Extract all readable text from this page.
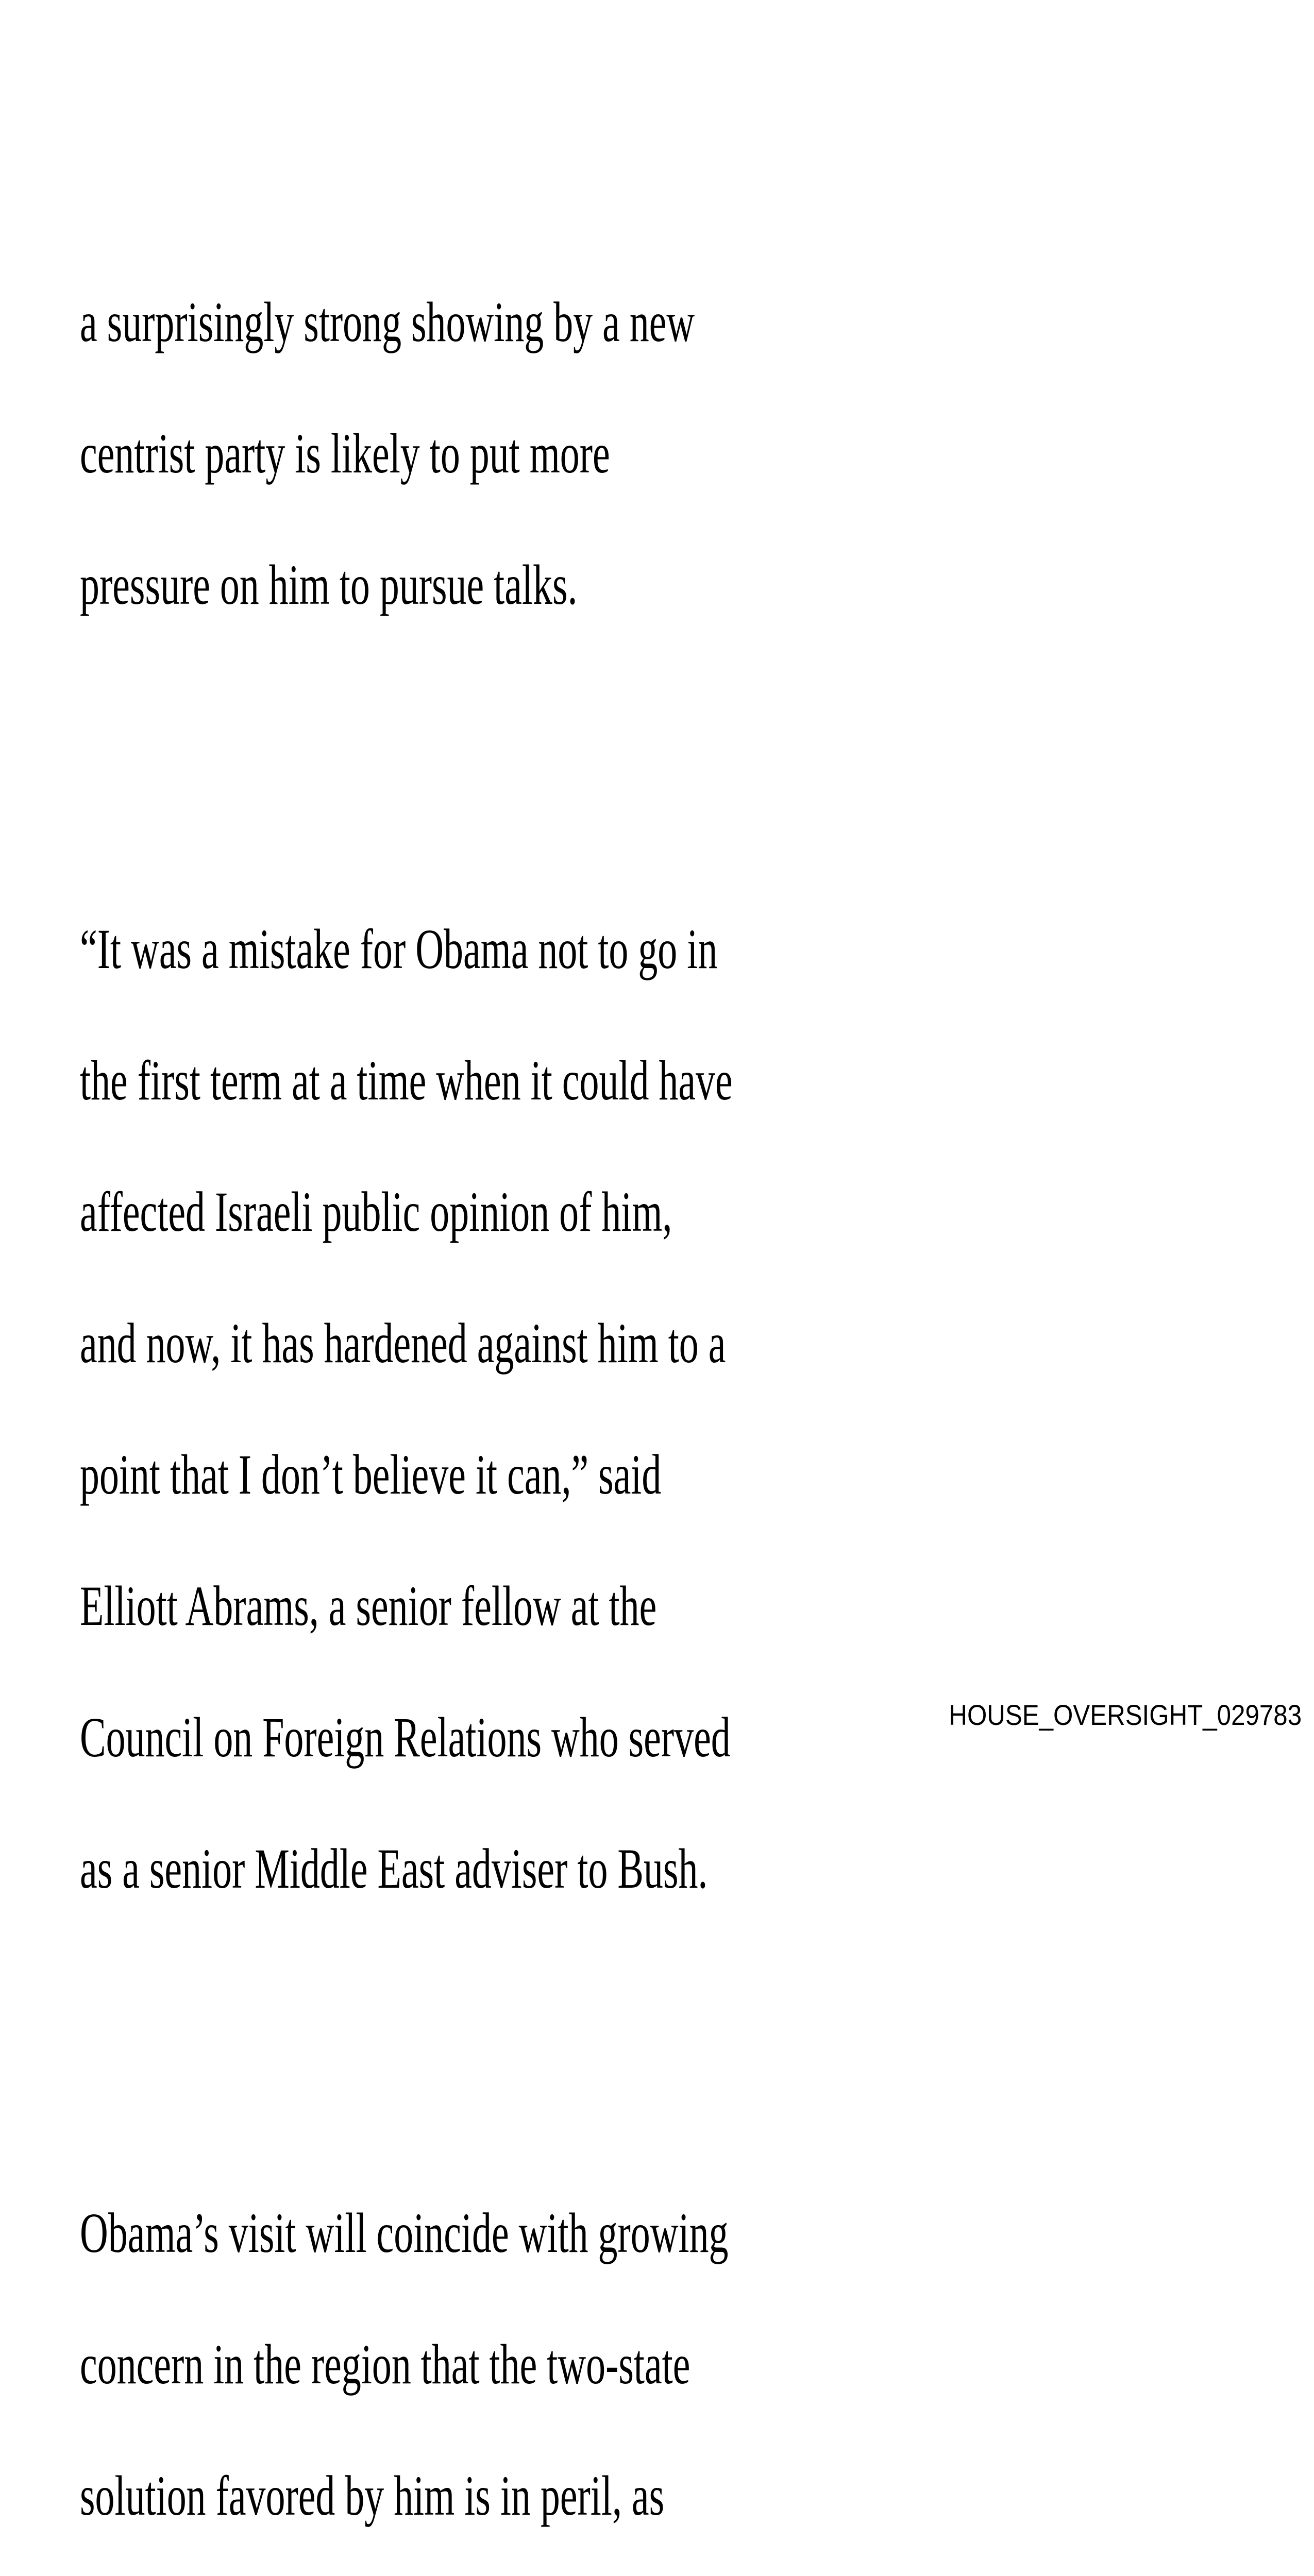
a surprisingly strong showing by a new

centrist party is likely to put more

pressure on him to pursue talks.

“It was a mistake for Obama not to go in

the first term at a time when it could have

affected Israeli public opinion of him,

and now, it has hardened against him to a

point that I don’t believe it can,” said

Elliott Abrams, a senior fellow at the

Council on Foreign Relations who served

as a senior Middle East adviser to Bush.

Obama’s visit will coincide with growing

concern in the region that the two-state

solution favored by him is in peril, as

HOUSE_OVERSIGHT_029783
